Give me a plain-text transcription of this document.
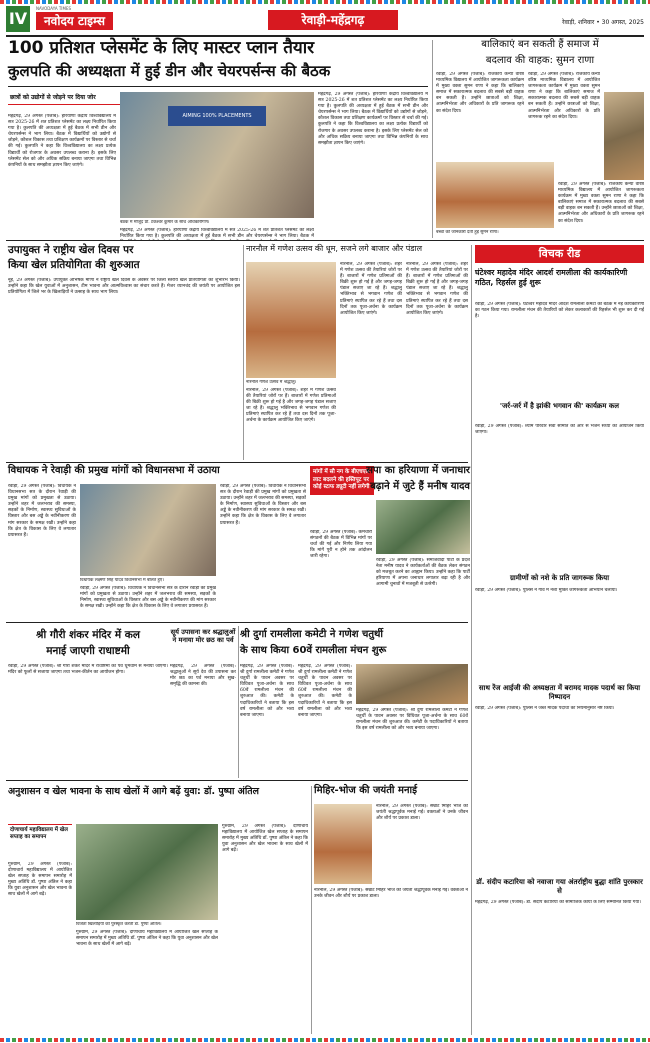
IV
NAVODAYA TIMES
नवोदय टाइम्स	रेवाड़ी-महेंद्रगढ़	रेवाड़ी, शनिवार • 30 अगस्त, 2025
100 प्रतिशत प्लेसमेंट के लिए मास्टर प्लान तैयार
कुलपति की अध्यक्षता में हुई डीन और चेयरपर्सन्स की बैठक
छात्रों को उद्योगों से जोड़ने पर दिया जोर
महेंद्रगढ़, 29 अगस्त (पंजाब): हरियाणा केंद्रीय विश्वविद्यालय में सत्र 2025-26 में शत प्रतिशत प्लेसमेंट का लक्ष्य निर्धारित किया गया है। कुलपति की अध्यक्षता में हुई बैठक में सभी डीन और चेयरपर्सन्स ने भाग लिया। बैठक में विद्यार्थियों को उद्योगों से जोड़ने, कौशल विकास तथा प्रशिक्षण कार्यक्रमों पर विस्तार से चर्चा की गई। कुलपति ने कहा कि विश्वविद्यालय का लक्ष्य प्रत्येक विद्यार्थी को रोजगार के अवसर उपलब्ध कराना है। इसके लिए प्लेसमेंट सेल को और अधिक सक्रिय बनाया जाएगा तथा विभिन्न कंपनियों के साथ समझौता ज्ञापन किए जाएंगे।
AIMING 100% PLACEMENTS
बैठक में मौजूद प्रो. टंकेश्वर कुमार के साथ अधिकारीगण।
महेंद्रगढ़, 29 अगस्त (पंजाब): हरियाणा केंद्रीय विश्वविद्यालय में सत्र 2025-26 में शत प्रतिशत प्लेसमेंट का लक्ष्य निर्धारित किया गया है। कुलपति की अध्यक्षता में हुई बैठक में सभी डीन और चेयरपर्सन्स ने भाग लिया। बैठक में
महेंद्रगढ़, 29 अगस्त (पंजाब): हरियाणा केंद्रीय विश्वविद्यालय में सत्र 2025-26 में शत प्रतिशत प्लेसमेंट का लक्ष्य निर्धारित किया गया है। कुलपति की अध्यक्षता में हुई बैठक में सभी डीन और चेयरपर्सन्स ने भाग लिया। बैठक में विद्यार्थियों को उद्योगों से जोड़ने, कौशल विकास तथा प्रशिक्षण कार्यक्रमों पर विस्तार से चर्चा की गई। कुलपति ने कहा कि विश्वविद्यालय का लक्ष्य प्रत्येक विद्यार्थी को रोजगार के अवसर उपलब्ध कराना है। इसके लिए प्लेसमेंट सेल को और अधिक सक्रिय बनाया जाएगा तथा विभिन्न कंपनियों के साथ समझौता ज्ञापन किए जाएंगे।
बालिकाएं बन सकती हैं समाज में
बदलाव की वाहक: सुमन राणा
रेवाड़ी, 29 अगस्त (पंजाब): राजकीय कन्या वरिष्ठ माध्यमिक विद्यालय में आयोजित जागरूकता कार्यक्रम में मुख्य वक्ता सुमन राणा ने कहा कि बालिकाएं समाज में सकारात्मक बदलाव की सबसे बड़ी वाहक बन सकती हैं। उन्होंने छात्राओं को शिक्षा, आत्मनिर्भरता और अधिकारों के प्रति जागरूक रहने का संदेश दिया।
रेवाड़ी, 29 अगस्त (पंजाब): राजकीय कन्या वरिष्ठ माध्यमिक विद्यालय में आयोजित जागरूकता कार्यक्रम में मुख्य वक्ता सुमन राणा ने कहा कि बालिकाएं समाज में सकारात्मक बदलाव की सबसे बड़ी वाहक बन सकती हैं। उन्होंने छात्राओं को शिक्षा, आत्मनिर्भरता और अधिकारों के प्रति जागरूक रहने का संदेश दिया।
बच्चों को जानकारी देती हुई सुमन राणा।
रेवाड़ी, 29 अगस्त (पंजाब): राजकीय कन्या वरिष्ठ माध्यमिक विद्यालय में आयोजित जागरूकता कार्यक्रम में मुख्य वक्ता सुमन राणा ने कहा कि बालिकाएं समाज में सकारात्मक बदलाव की सबसे बड़ी वाहक बन सकती हैं। उन्होंने छात्राओं को शिक्षा, आत्मनिर्भरता और अधिकारों के प्रति जागरूक रहने का संदेश दिया।
उपायुक्त ने राष्ट्रीय खेल दिवस पर
किया खेल प्रतियोगिता की शुरुआत
नूंह, 29 अगस्त (पंजाब): उपायुक्त अभिषेक मीणा ने राष्ट्रीय खेल दिवस के अवसर पर जिला स्तरीय खेल प्रतियोगिता का शुभारंभ किया। उन्होंने कहा कि खेल युवाओं में अनुशासन, टीम भावना और आत्मविश्वास का संचार करते हैं। मेजर ध्यानचंद की जयंती पर आयोजित इस प्रतियोगिता में जिले भर के खिलाड़ियों ने उत्साह के साथ भाग लिया।
नारनौल में गणेश उत्सव की धूम, सजने लगे बाजार और पंडाल
नारनौल गणेश उत्सव में श्रद्धालु।
नारनौल, 29 अगस्त (पंजाब): शहर में गणेश उत्सव की तैयारियां जोरों पर हैं। बाजारों में गणेश प्रतिमाओं की बिक्री शुरू हो गई है और जगह-जगह पंडाल सजाए जा रहे हैं। श्रद्धालु भक्तिभाव से भगवान गणेश की प्रतिमाएं स्थापित कर रहे हैं तथा दस दिनों तक पूजा-अर्चना के कार्यक्रम आयोजित किए जाएंगे।
नारनौल, 29 अगस्त (पंजाब): शहर में गणेश उत्सव की तैयारियां जोरों पर हैं। बाजारों में गणेश प्रतिमाओं की बिक्री शुरू हो गई है और जगह-जगह पंडाल सजाए जा रहे हैं। श्रद्धालु भक्तिभाव से भगवान गणेश की प्रतिमाएं स्थापित कर रहे हैं तथा दस दिनों तक पूजा-अर्चना के कार्यक्रम आयोजित किए जाएंगे।
नारनौल, 29 अगस्त (पंजाब): शहर में गणेश उत्सव की तैयारियां जोरों पर हैं। बाजारों में गणेश प्रतिमाओं की बिक्री शुरू हो गई है और जगह-जगह पंडाल सजाए जा रहे हैं। श्रद्धालु भक्तिभाव से भगवान गणेश की प्रतिमाएं स्थापित कर रहे हैं तथा दस दिनों तक पूजा-अर्चना के कार्यक्रम आयोजित किए जाएंगे।
विचक रीड
घंटेश्वर महादेव मंदिर आदर्श रामलीला की कार्यकारिणी गठित, रिहर्सल हुई शुरू
रेवाड़ी, 29 अगस्त (पंजाब): घंटेश्वर महादेव मंदिर आदर्श रामलीला कमेटी की बैठक में नई कार्यकारिणी का गठन किया गया। रामलीला मंचन की तैयारियों को लेकर कलाकारों की रिहर्सल भी शुरू कर दी गई है।
'जर्र-जर्र में है झांकी भगवान की' कार्यक्रम कल
रेवाड़ी, 29 अगस्त (पंजाब): श्याम परिवार सेवा समिति की ओर से भजन संध्या का आयोजन किया जाएगा।
ग्रामीणों को नशे के प्रति जागरूक किया
रेवाड़ी, 29 अगस्त (पंजाब): पुलिस ने गांव में नशा मुक्ति जागरूकता अभियान चलाया।
साथ रेंज आईजी की अध्यक्षता में बरामद मादक पदार्थ का किया निष्पादन
रेवाड़ी, 29 अगस्त (पंजाब): पुलिस ने जब्त मादक पदार्थों को नियमानुसार नष्ट किया।
डॉ. संदीप कटारिया को नवाजा गया अंतर्राष्ट्रीय बुद्धा शांति पुरस्कार से
महेंद्रगढ़, 29 अगस्त (पंजाब): डॉ. संदीप कटारिया को सामाजिक कार्यों के लिए सम्मानित किया गया।
विधायक ने रेवाड़ी की प्रमुख मांगों को विधानसभा में उठाया
रेवाड़ी, 29 अगस्त (पंजाब): विधायक ने विधानसभा सत्र के दौरान रेवाड़ी की प्रमुख मांगों को प्रमुखता से उठाया। उन्होंने शहर में जलभराव की समस्या, सड़कों के निर्माण, स्वास्थ्य सुविधाओं के विस्तार और बस अड्डे के नवीनीकरण की मांग सरकार के समक्ष रखी। उन्होंने कहा कि क्षेत्र के विकास के लिए वे लगातार प्रयासरत हैं।
विधायक लक्ष्मण सिंह यादव विधानसभा में बोलते हुए।
रेवाड़ी, 29 अगस्त (पंजाब): विधायक ने विधानसभा सत्र के दौरान रेवाड़ी की प्रमुख मांगों को प्रमुखता से उठाया। उन्होंने शहर में जलभराव की समस्या, सड़कों के निर्माण, स्वास्थ्य सुविधाओं के विस्तार और बस अड्डे के नवीनीकरण की मांग सरकार के समक्ष रखी। उन्होंने कहा कि क्षेत्र के विकास के लिए वे लगातार प्रयासरत हैं।
रेवाड़ी, 29 अगस्त (पंजाब): विधायक ने विधानसभा सत्र के दौरान रेवाड़ी की प्रमुख मांगों को प्रमुखता से उठाया। उन्होंने शहर में जलभराव की समस्या, सड़कों के निर्माण, स्वास्थ्य सुविधाओं के विस्तार और बस अड्डे के नवीनीकरण की मांग सरकार के समक्ष रखी। उन्होंने कहा कि क्षेत्र के विकास के लिए वे लगातार प्रयासरत हैं।
मांगों में सौ नग के बीएचएल लाट बदलने की हस्तिपूट पर कोई स्टाफ ड्यूटी नहीं लगेगी
रेवाड़ी, 29 अगस्त (पंजाब): कर्मचारी संगठनों की बैठक में विभिन्न मांगों पर चर्चा की गई और निर्णय लिया गया कि मांगें पूरी न होने तक आंदोलन जारी रहेगा।
सपा का हरियाणा में जनाधार
बढ़ाने में जुटे हैं मनीष यादव
रेवाड़ी, 29 अगस्त (पंजाब): समाजवादी पार्टी के प्रदेश नेता मनीष यादव ने कार्यकर्ताओं की बैठक लेकर संगठन को मजबूत करने का आह्वान किया। उन्होंने कहा कि पार्टी हरियाणा में अपना जनाधार लगातार बढ़ा रही है और आगामी चुनावों में मजबूती से उतरेगी।
श्री गौरी शंकर मंदिर में कल
मनाई जाएगी राधाष्टमी
रेवाड़ी, 29 अगस्त (पंजाब): श्री गौरी शंकर मंदिर में राधाष्टमी का पर्व धूमधाम से मनाया जाएगा। मंदिर को फूलों से सजाया जाएगा तथा भजन-कीर्तन का आयोजन होगा।
सूर्य उपासना कर श्रद्धालुओं ने मनाया मोर छठ का पर्व
महेंद्रगढ़, 29 अगस्त (पंजाब): श्रद्धालुओं ने सूर्य देव की उपासना कर मोर छठ का पर्व मनाया और सुख-समृद्धि की कामना की।
श्री दुर्गा रामलीला कमेटी ने गणेश चतुर्थी
के साथ किया 60वें रामलीला मंचन शुरू
महेंद्रगढ़, 29 अगस्त (पंजाब): श्री दुर्गा रामलीला कमेटी ने गणेश चतुर्थी के पावन अवसर पर विधिवत पूजा-अर्चना के साथ 60वें रामलीला मंचन की शुरुआत की। कमेटी के पदाधिकारियों ने बताया कि इस वर्ष रामलीला को और भव्य बनाया जाएगा।
महेंद्रगढ़, 29 अगस्त (पंजाब): श्री दुर्गा रामलीला कमेटी ने गणेश चतुर्थी के पावन अवसर पर विधिवत पूजा-अर्चना के साथ 60वें रामलीला मंचन की शुरुआत की। कमेटी के पदाधिकारियों ने बताया कि इस वर्ष रामलीला को और भव्य बनाया जाएगा।
महेंद्रगढ़, 29 अगस्त (पंजाब): श्री दुर्गा रामलीला कमेटी ने गणेश चतुर्थी के पावन अवसर पर विधिवत पूजा-अर्चना के साथ 60वें रामलीला मंचन की शुरुआत की। कमेटी के पदाधिकारियों ने बताया कि इस वर्ष रामलीला को और भव्य बनाया जाएगा।
अनुशासन व खेल भावना के साथ खेलों में आगे बढ़ें युवा: डॉ. पुष्पा अंतिल
दोणाचार्य महाविद्यालय में खेल सप्ताह का समापन
गुरुग्राम, 29 अगस्त (पंजाब): दोणाचार्य महाविद्यालय में आयोजित खेल सप्ताह के समापन समारोह में मुख्य अतिथि डॉ. पुष्पा अंतिल ने कहा कि युवा अनुशासन और खेल भावना के साथ खेलों में आगे बढ़ें।
विजेता खिलाड़ियों को पुरस्कृत करती डॉ. पुष्पा अंतिल।
गुरुग्राम, 29 अगस्त (पंजाब): दोणाचार्य महाविद्यालय में आयोजित खेल सप्ताह के समापन समारोह में मुख्य अतिथि डॉ. पुष्पा अंतिल ने कहा कि युवा अनुशासन और खेल भावना के साथ खेलों में आगे बढ़ें।
गुरुग्राम, 29 अगस्त (पंजाब): दोणाचार्य महाविद्यालय में आयोजित खेल सप्ताह के समापन समारोह में मुख्य अतिथि डॉ. पुष्पा अंतिल ने कहा कि युवा अनुशासन और खेल भावना के साथ खेलों में आगे बढ़ें।
मिहिर-भोज की जयंती मनाई
नारनौल, 29 अगस्त (पंजाब): सम्राट मिहिर भोज की जयंती श्रद्धापूर्वक मनाई गई। वक्ताओं ने उनके जीवन और शौर्य पर प्रकाश डाला।
नारनौल, 29 अगस्त (पंजाब): सम्राट मिहिर भोज की जयंती श्रद्धापूर्वक मनाई गई। वक्ताओं ने उनके जीवन और शौर्य पर प्रकाश डाला।
